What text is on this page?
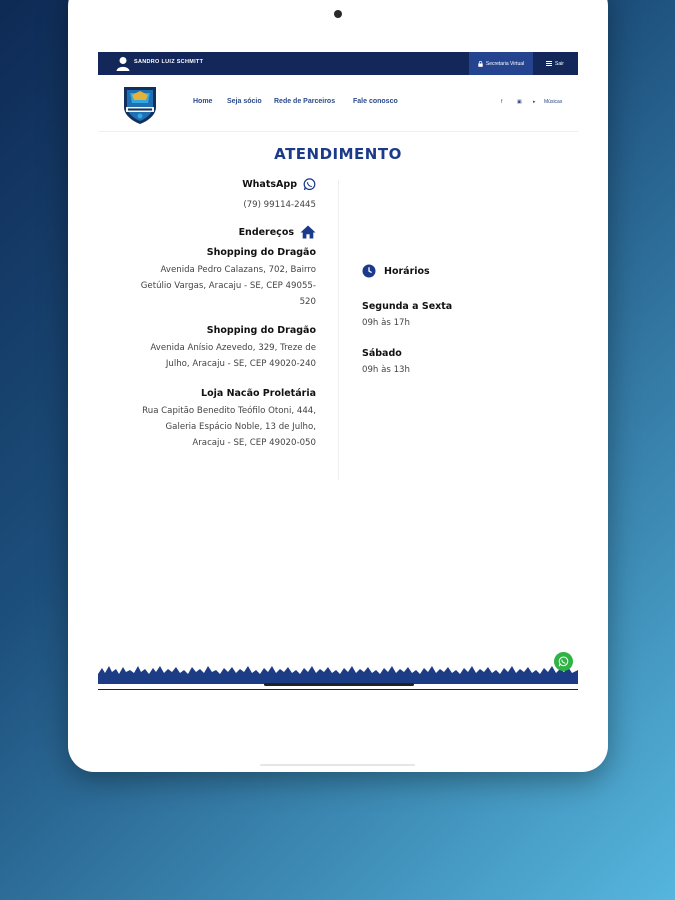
SANDRO LUIZ SCHMITT	Secretaria Virtual	Sair
Home Seja sócio Rede de Parceiros	Fale conosco	f	▣ ▸ Músicas
ATENDIMENTO
WhatsApp
(79) 99114-2445
Endereços
Shopping do Dragão
Avenida Pedro Calazans, 702, Bairro
Getúlio Vargas, Aracaju - SE, CEP 49055-
520
Shopping do Dragão
Avenida Anísio Azevedo, 329, Treze de
Julho, Aracaju - SE, CEP 49020-240
Loja Nacão Proletária
Rua Capitão Benedito Teófilo Otoni, 444,
Galeria Espácio Noble, 13 de Julho,
Aracaju - SE, CEP 49020-050
Horários
Segunda a Sexta
09h às 17h
Sábado
09h às 13h
